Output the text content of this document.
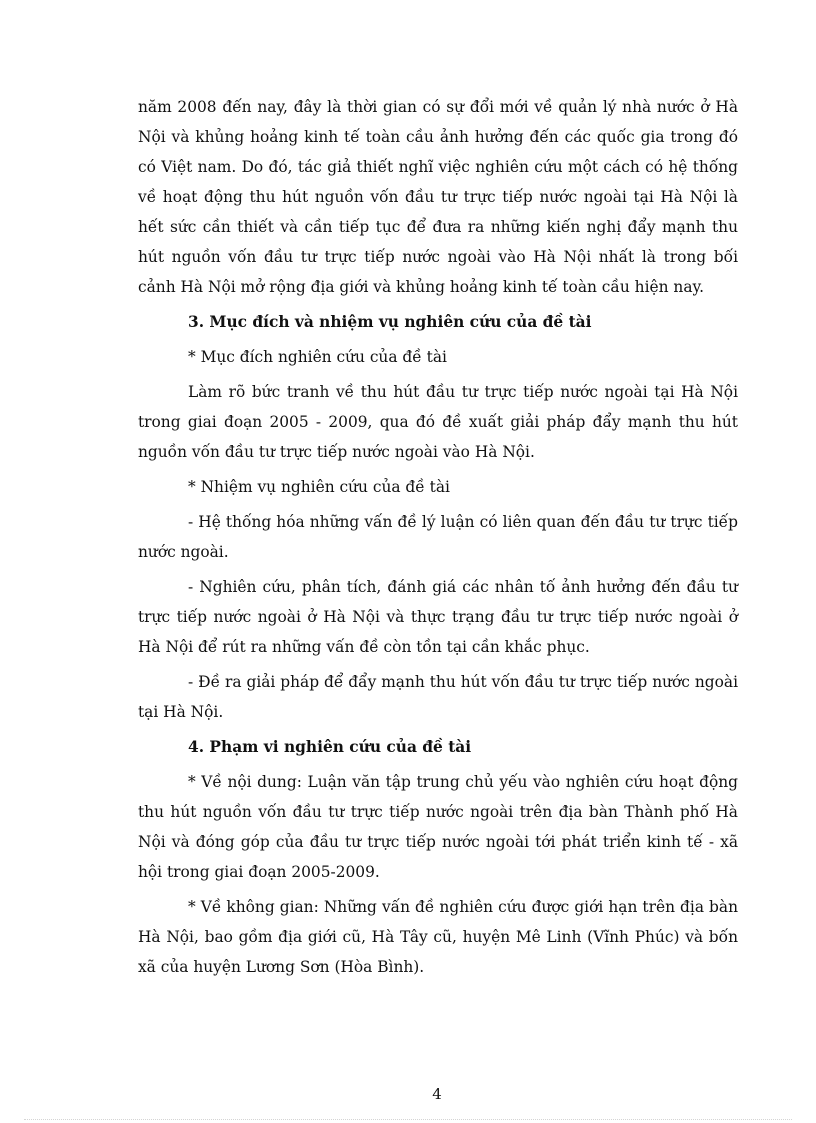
năm 2008 đến nay, đây là thời gian có sự đổi mới về quản lý nhà nước ở Hà Nội và khủng hoảng kinh tế toàn cầu ảnh hưởng đến các quốc gia trong đó có Việt nam. Do đó, tác giả thiết nghĩ việc nghiên cứu một cách có hệ thống về hoạt động thu hút nguồn vốn đầu tư trực tiếp nước ngoài tại Hà Nội là hết sức cần thiết và cần tiếp tục để đưa ra những kiến nghị đẩy mạnh thu hút nguồn vốn đầu tư trực tiếp nước ngoài vào Hà Nội nhất là trong bối cảnh Hà Nội mở rộng địa giới và khủng hoảng kinh tế toàn cầu hiện nay.

3. Mục đích và nhiệm vụ nghiên cứu của đề tài

* Mục đích nghiên cứu của đề tài

Làm rõ bức tranh về thu hút đầu tư trực tiếp nước ngoài tại Hà Nội trong giai đoạn 2005 - 2009, qua đó đề xuất giải pháp đẩy mạnh thu hút nguồn vốn đầu tư trực tiếp nước ngoài vào Hà Nội.

* Nhiệm vụ nghiên cứu của đề tài

- Hệ thống hóa những vấn đề lý luận có liên quan đến đầu tư trực tiếp nước ngoài.

- Nghiên cứu, phân tích, đánh giá các nhân tố ảnh hưởng đến đầu tư trực tiếp nước ngoài ở Hà Nội và thực trạng đầu tư trực tiếp nước ngoài ở Hà Nội để rút ra những vấn đề còn tồn tại cần khắc phục.

- Đề ra giải pháp để đẩy mạnh thu hút vốn đầu tư trực tiếp nước ngoài tại Hà Nội.

4. Phạm vi nghiên cứu của đề tài

* Về nội dung: Luận văn tập trung chủ yếu vào nghiên cứu hoạt động thu hút nguồn vốn đầu tư trực tiếp nước ngoài trên địa bàn Thành phố Hà Nội và đóng góp của đầu tư trực tiếp nước ngoài tới phát triển kinh tế - xã hội trong giai đoạn 2005-2009.

* Về không gian: Những vấn đề nghiên cứu được giới hạn trên địa bàn Hà Nội, bao gồm địa giới cũ, Hà Tây cũ, huyện Mê Linh (Vĩnh Phúc) và bốn xã của huyện Lương Sơn (Hòa Bình).

4
